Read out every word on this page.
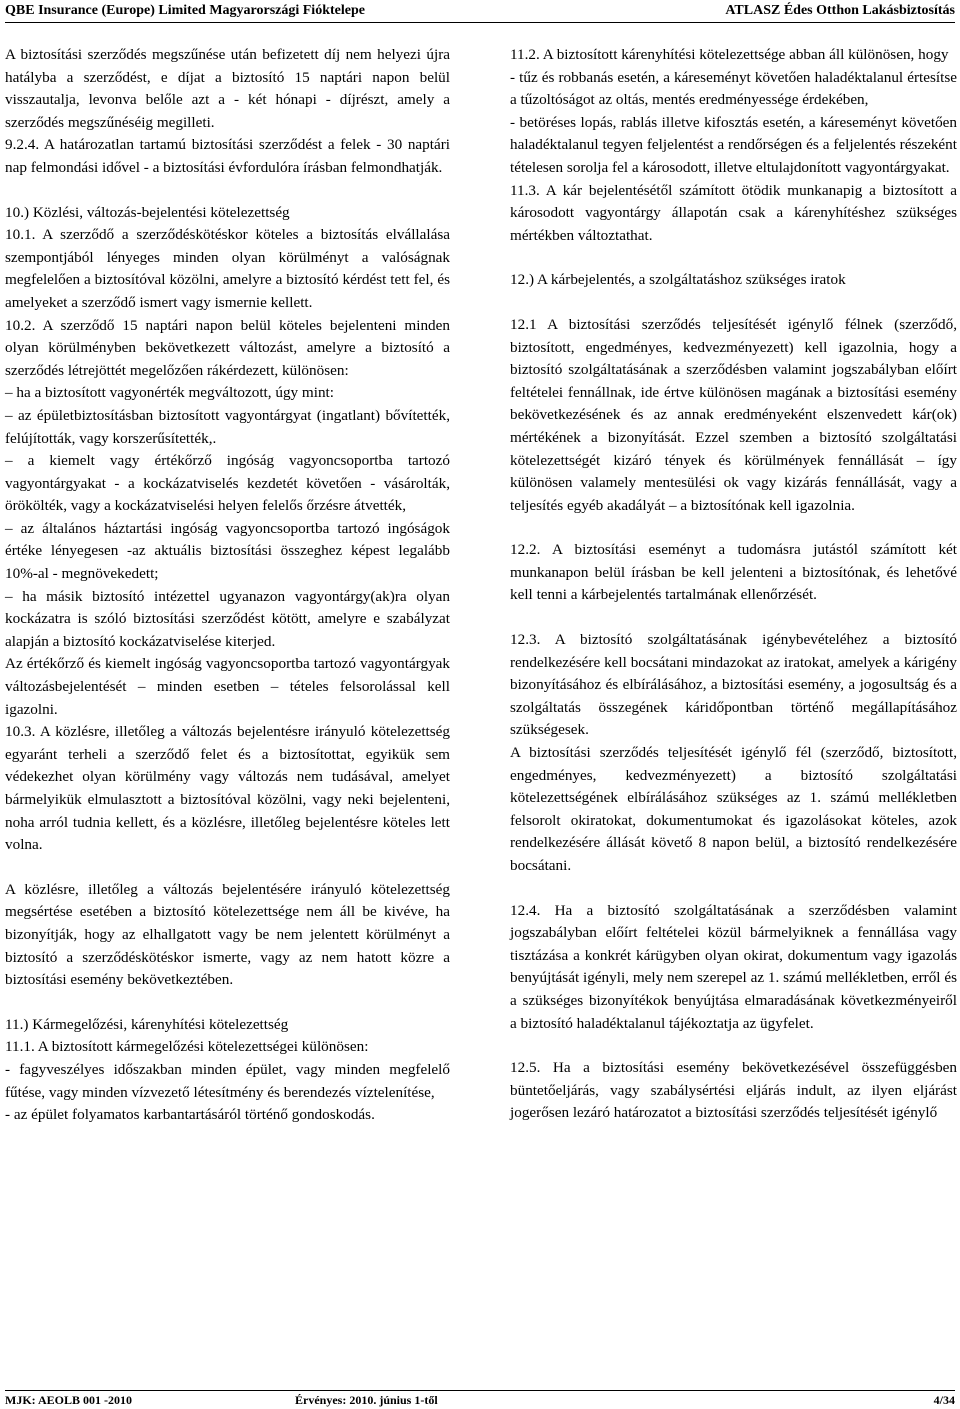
QBE Insurance (Europe) Limited Magyarországi Fióktelepe	ATLASZ Édes Otthon Lakásbiztosítás

A biztosítási szerződés megszűnése után befizetett díj nem helyezi újra hatályba a szerződést, e díjat a biztosító 15 naptári napon belül visszautalja, levonva belőle azt a - két hónapi - díjrészt, amely a szerződés megszűnéséig megilleti.

9.2.4. A határozatlan tartamú biztosítási szerződést a felek - 30 naptári nap felmondási idővel - a biztosítási évfordulóra írásban felmondhatják.

10.) Közlési, változás-bejelentési kötelezettség

10.1. A szerződő a szerződéskötéskor köteles a biztosítás elvállalása szempontjából lényeges minden olyan körülményt a valóságnak megfelelően a biztosítóval közölni, amelyre a biztosító kérdést tett fel, és amelyeket a szerződő ismert vagy ismernie kellett.

10.2. A szerződő 15 naptári napon belül köteles bejelenteni minden olyan körülményben bekövetkezett változást, amelyre a biztosító a szerződés létrejöttét megelőzően rákérdezett, különösen:

– ha a biztosított vagyonérték megváltozott, úgy mint:

– az épületbiztosításban biztosított vagyontárgyat (ingatlant) bővítették, felújították, vagy korszerűsítették,.

– a kiemelt vagy értékőrző ingóság vagyoncsoportba tartozó vagyontárgyakat - a kockázatviselés kezdetét követően - vásárolták, örökölték, vagy a kockázatviselési helyen felelős őrzésre átvették,

– az általános háztartási ingóság vagyoncsoportba tartozó ingóságok értéke lényegesen -az aktuális biztosítási összeghez képest legalább 10%-al - megnövekedett;

– ha másik biztosító intézettel ugyanazon vagyontárgy(ak)ra olyan kockázatra is szóló biztosítási szerződést kötött, amelyre e szabályzat alapján a biztosító kockázatviselése kiterjed.

Az értékőrző és kiemelt ingóság vagyoncsoportba tartozó vagyontárgyak változásbejelentését – minden esetben – tételes felsorolással kell igazolni.

10.3. A közlésre, illetőleg a változás bejelentésre irányuló kötelezettség egyaránt terheli a szerződő felet és a biztosítottat, egyikük sem védekezhet olyan körülmény vagy változás nem tudásával, amelyet bármelyikük elmulasztott a biztosítóval közölni, vagy neki bejelenteni, noha arról tudnia kellett, és a közlésre, illetőleg bejelentésre köteles lett volna.

A közlésre, illetőleg a változás bejelentésére irányuló kötelezettség megsértése esetében a biztosító kötelezettsége nem áll be kivéve, ha bizonyítják, hogy az elhallgatott vagy be nem jelentett körülményt a biztosító a szerződéskötéskor ismerte, vagy az nem hatott közre a biztosítási esemény bekövetkeztében.

11.) Kármegelőzési, kárenyhítési kötelezettség

11.1. A biztosított kármegelőzési kötelezettségei különösen:

- fagyveszélyes időszakban minden épület, vagy minden megfelelő fűtése, vagy minden vízvezető létesítmény és berendezés víztelenítése,

- az épület folyamatos karbantartásáról történő gondoskodás.

11.2. A biztosított kárenyhítési kötelezettsége abban áll különösen, hogy

- tűz és robbanás esetén, a káreseményt követően haladéktalanul értesítse a tűzoltóságot az oltás, mentés eredményessége érdekében,

- betöréses lopás, rablás illetve kifosztás esetén, a káreseményt követően haladéktalanul tegyen feljelentést a rendőrségen és a feljelentés részeként tételesen sorolja fel a károsodott, illetve eltulajdonított vagyontárgyakat.

11.3. A kár bejelentésétől számított ötödik munkanapig a biztosított a károsodott vagyontárgy állapotán csak a kárenyhítéshez szükséges mértékben változtathat.

12.) A kárbejelentés, a szolgáltatáshoz szükséges iratok

12.1 A biztosítási szerződés teljesítését igénylő félnek (szerződő, biztosított, engedményes, kedvezményezett) kell igazolnia, hogy a biztosító szolgáltatásának a szerződésben valamint jogszabályban előírt feltételei fennállnak, ide értve különösen magának a biztosítási esemény bekövetkezésének és az annak eredményeként elszenvedett kár(ok) mértékének a bizonyítását. Ezzel szemben a biztosító szolgáltatási kötelezettségét kizáró tények és körülmények fennállását – így különösen valamely mentesülési ok vagy kizárás fennállását, vagy a teljesítés egyéb akadályát – a biztosítónak kell igazolnia.

12.2. A biztosítási eseményt a tudomásra jutástól számított két munkanapon belül írásban be kell jelenteni a biztosítónak, és lehetővé kell tenni a kárbejelentés tartalmának ellenőrzését.

12.3. A biztosító szolgáltatásának igénybevételéhez a biztosító rendelkezésére kell bocsátani mindazokat az iratokat, amelyek a kárigény bizonyításához és elbírálásához, a biztosítási esemény, a jogosultság és a szolgáltatás összegének káridőpontban történő megállapításához szükségesek.

A biztosítási szerződés teljesítését igénylő fél (szerződő, biztosított, engedményes, kedvezményezett) a biztosító szolgáltatási kötelezettségének elbírálásához szükséges az 1. számú mellékletben felsorolt okiratokat, dokumentumokat és igazolásokat köteles, azok rendelkezésére állását követő 8 napon belül, a biztosító rendelkezésére bocsátani.

12.4. Ha a biztosító szolgáltatásának a szerződésben valamint jogszabályban előírt feltételei közül bármelyiknek a fennállása vagy tisztázása a konkrét kárügyben olyan okirat, dokumentum vagy igazolás benyújtását igényli, mely nem szerepel az 1. számú mellékletben, erről és a szükséges bizonyítékok benyújtása elmaradásának következményeiről a biztosító haladéktalanul tájékoztatja az ügyfelet.

12.5. Ha a biztosítási esemény bekövetkezésével összefüggésben büntetőeljárás, vagy szabálysértési eljárás indult, az ilyen eljárást jogerősen lezáró határozatot a biztosítási szerződés teljesítését igénylő

MJK: AEOLB 001 -2010	Érvényes: 2010. június 1-től	4/34
